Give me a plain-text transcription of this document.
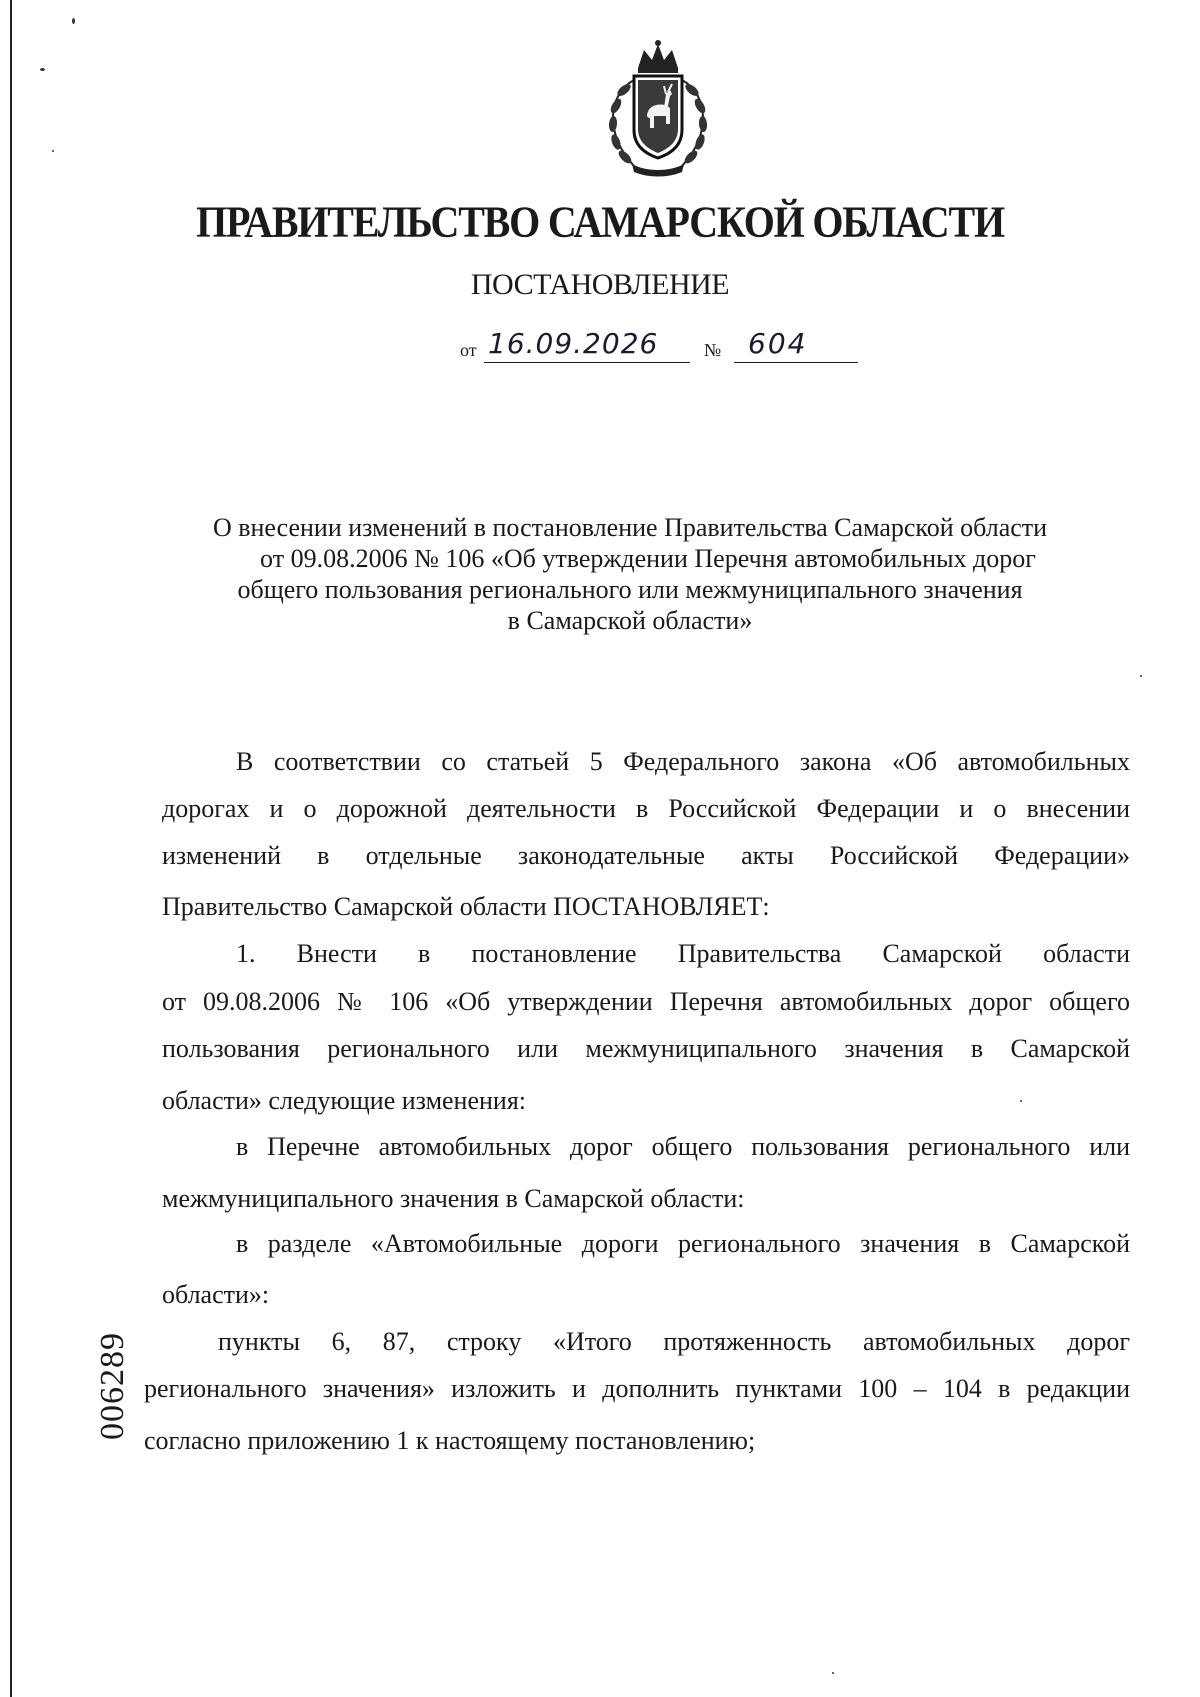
ПРАВИТЕЛЬСТВО САМАРСКОЙ ОБЛАСТИ
ПОСТАНОВЛЕНИЕ
от 16.09.2026	№ 604
О внесении изменений в постановление Правительства Самарской области
от 09.08.2006 № 106 «Об утверждении Перечня автомобильных дорог
общего пользования регионального или межмуниципального значения
в Самарской области»
В соответствии со статьей 5 Федерального закона «Об автомобильных
дорогах и о дорожной деятельности в Российской Федерации и о внесении
изменений в отдельные законодательные акты Российской Федерации»
Правительство Самарской области ПОСТАНОВЛЯЕТ:
1. Внести в постановление Правительства Самарской области
от 09.08.2006 № 106 «Об утверждении Перечня автомобильных дорог общего
пользования регионального или межмуниципального значения в Самарской
области» следующие изменения:
в Перечне автомобильных дорог общего пользования регионального или
межмуниципального значения в Самарской области:
в разделе «Автомобильные дороги регионального значения в Самарской
области»:
пункты 6, 87, строку «Итого протяженность автомобильных дорог
регионального значения» изложить и дополнить пунктами 100 – 104 в редакции
согласно приложению 1 к настоящему постановлению;
006289
